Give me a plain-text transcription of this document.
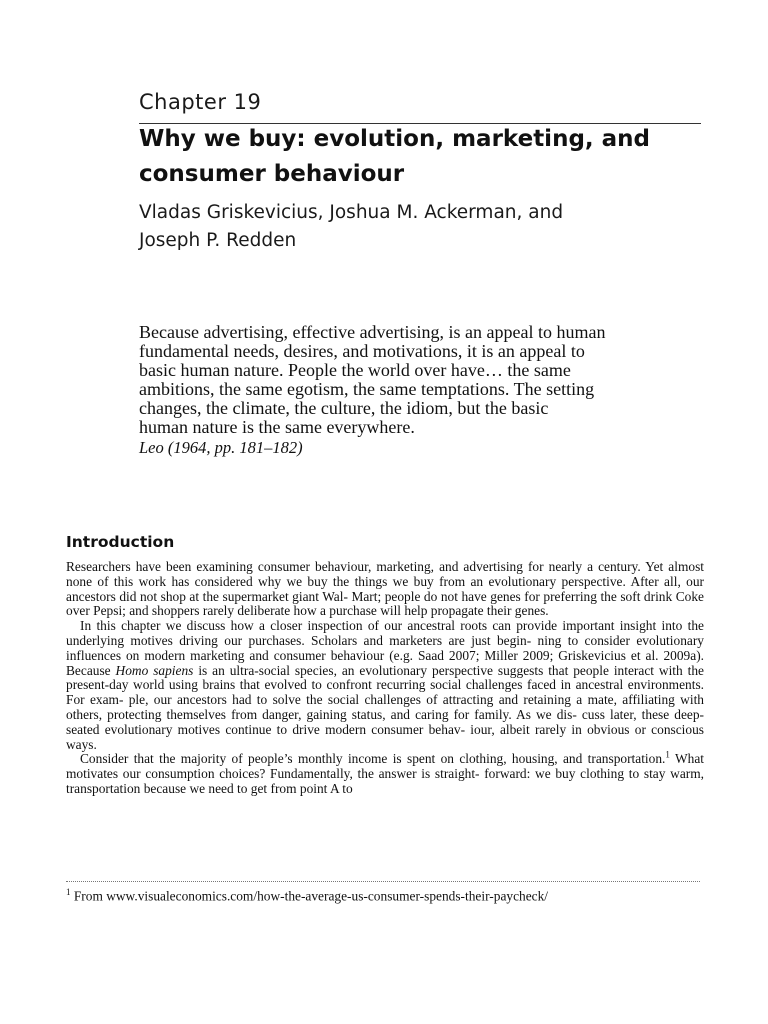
Chapter 19
Why we buy: evolution, marketing, and
consumer behaviour
Vladas Griskevicius, Joshua M. Ackerman, and
Joseph P. Redden
Because advertising, effective advertising, is an appeal to human
fundamental needs, desires, and motivations, it is an appeal to
basic human nature. People the world over have… the same
ambitions, the same egotism, the same temptations. The setting
changes, the climate, the culture, the idiom, but the basic
human nature is the same everywhere.
Leo (1964, pp. 181–182)
Introduction

Researchers have been examining consumer behaviour, marketing, and advertising for nearly a century. Yet almost none of this work has considered why we buy the things we buy from an evolutionary perspective. After all, our ancestors did not shop at the supermarket giant Wal- Mart; people do not have genes for preferring the soft drink Coke over Pepsi; and shoppers rarely deliberate how a purchase will help propagate their genes.

In this chapter we discuss how a closer inspection of our ancestral roots can provide important insight into the underlying motives driving our purchases. Scholars and marketers are just begin- ning to consider evolutionary influences on modern marketing and consumer behaviour (e.g. Saad 2007; Miller 2009; Griskevicius et al. 2009a). Because Homo sapiens is an ultra-social species, an evolutionary perspective suggests that people interact with the present-day world using brains that evolved to confront recurring social challenges faced in ancestral environments. For exam- ple, our ancestors had to solve the social challenges of attracting and retaining a mate, affiliating with others, protecting themselves from danger, gaining status, and caring for family. As we dis- cuss later, these deep-seated evolutionary motives continue to drive modern consumer behav- iour, albeit rarely in obvious or conscious ways.

Consider that the majority of people’s monthly income is spent on clothing, housing, and transportation.$^1$ What motivates our consumption choices? Fundamentally, the answer is straight- forward: we buy clothing to stay warm, transportation because we need to get from point A to

$^1$ From www.visualeconomics.com/how-the-average-us-consumer-spends-their-paycheck/
